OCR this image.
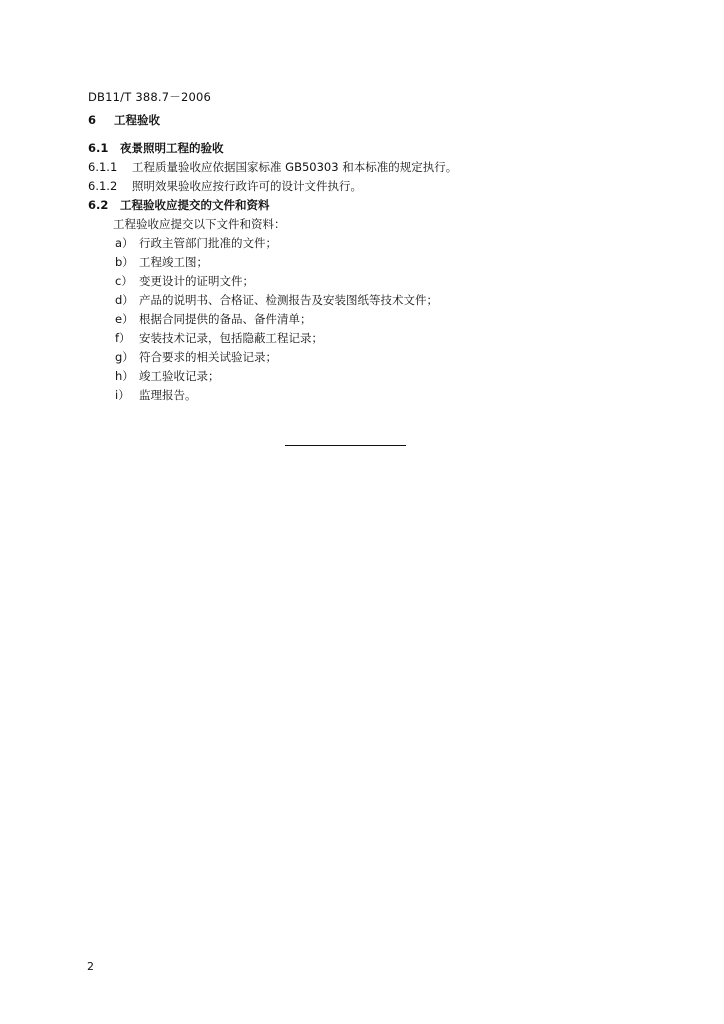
DB11/T 388.7－2006
6 工程验收
6.1 夜景照明工程的验收
6.1.1 工程质量验收应依据国家标准 GB50303 和本标准的规定执行。
6.1.2 照明效果验收应按行政许可的设计文件执行。
6.2 工程验收应提交的文件和资料
工程验收应提交以下文件和资料：
a） 行政主管部门批准的文件；
b） 工程竣工图；
c） 变更设计的证明文件；
d） 产品的说明书、合格证、检测报告及安装图纸等技术文件；
e） 根据合同提供的备品、备件清单；
f） 安装技术记录，包括隐蔽工程记录；
g） 符合要求的相关试验记录；
h） 竣工验收记录；
i） 监理报告。
2
